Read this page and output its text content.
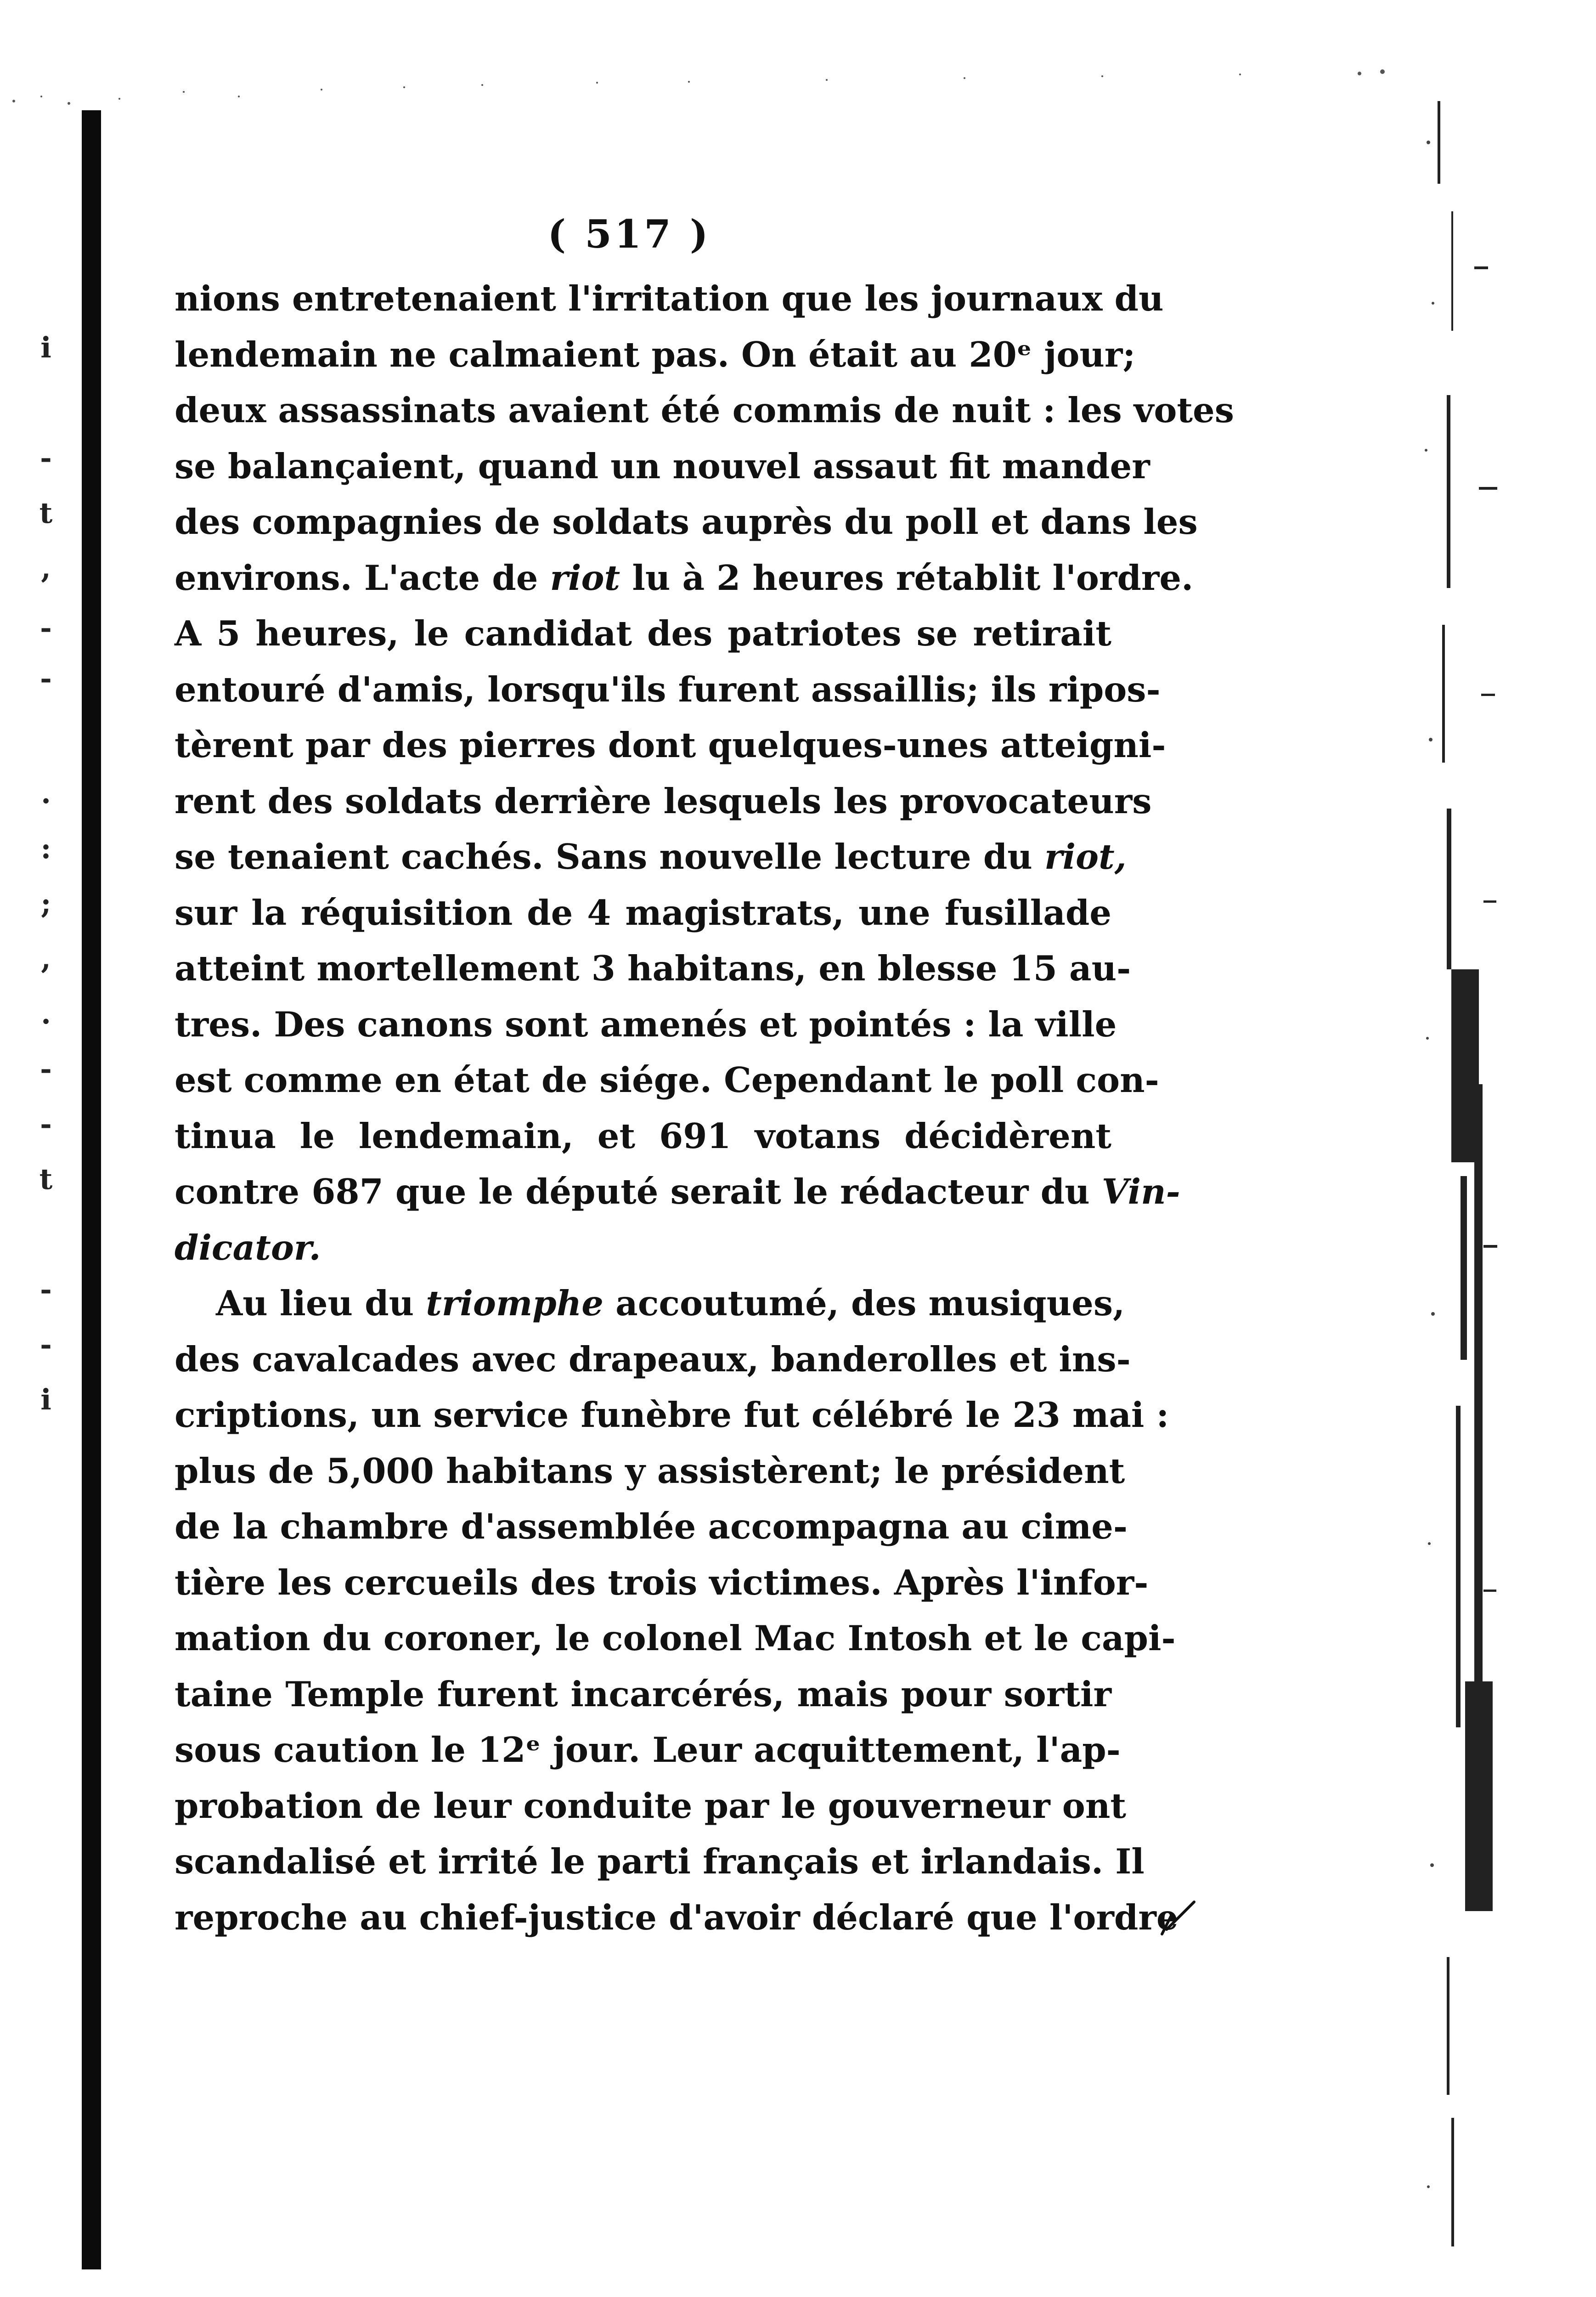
i
-
t
,
-
-
.
:
;
,
.
-
-
t
-
-
i
( 517 )
nions entretenaient l'irritation que les journaux du
lendemain ne calmaient pas. On était au 20ᵉ jour;
deux assassinats avaient été commis de nuit : les votes
se balançaient, quand un nouvel assaut fit mander
des compagnies de soldats auprès du poll et dans les
environs. L'acte de riot lu à 2 heures rétablit l'ordre.
A 5 heures, le candidat des patriotes se retirait
entouré d'amis, lorsqu'ils furent assaillis; ils ripos-
tèrent par des pierres dont quelques-unes atteigni-
rent des soldats derrière lesquels les provocateurs
se tenaient cachés. Sans nouvelle lecture du riot,
sur la réquisition de 4 magistrats, une fusillade
atteint mortellement 3 habitans, en blesse 15 au-
tres. Des canons sont amenés et pointés : la ville
est comme en état de siége. Cependant le poll con-
tinua le lendemain, et 691 votans décidèrent
contre 687 que le député serait le rédacteur du Vin-
dicator.
Au lieu du triomphe accoutumé, des musiques,
des cavalcades avec drapeaux, banderolles et ins-
criptions, un service funèbre fut célébré le 23 mai :
plus de 5,000 habitans y assistèrent; le président
de la chambre d'assemblée accompagna au cime-
tière les cercueils des trois victimes. Après l'infor-
mation du coroner, le colonel Mac Intosh et le capi-
taine Temple furent incarcérés, mais pour sortir
sous caution le 12ᵉ jour. Leur acquittement, l'ap-
probation de leur conduite par le gouverneur ont
scandalisé et irrité le parti français et irlandais. Il
reproche au chief-justice d'avoir déclaré que l'ordre
